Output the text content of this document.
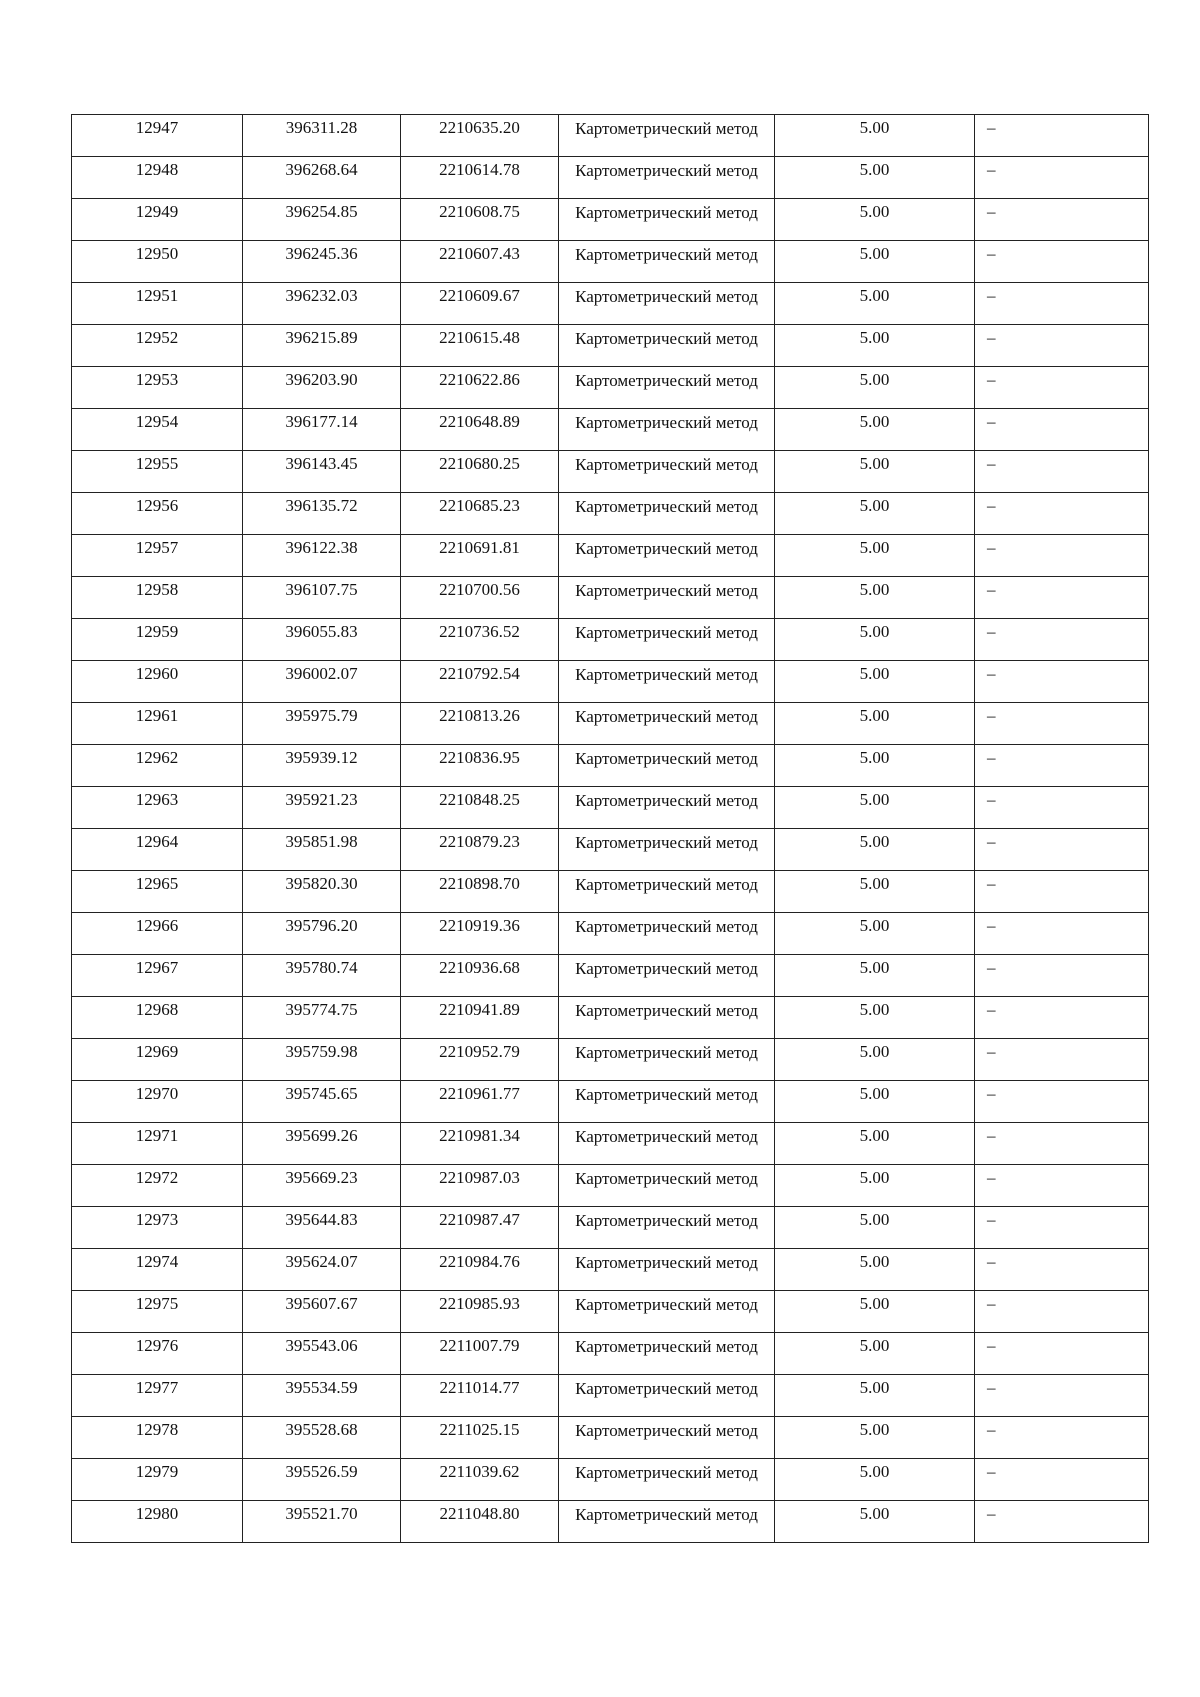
12947	396311.28	2210635.20	Картометрический метод	5.00	–

12948	396268.64	2210614.78	Картометрический метод	5.00	–

12949	396254.85	2210608.75	Картометрический метод	5.00	–

12950	396245.36	2210607.43	Картометрический метод	5.00	–

12951	396232.03	2210609.67	Картометрический метод	5.00	–

12952	396215.89	2210615.48	Картометрический метод	5.00	–

12953	396203.90	2210622.86	Картометрический метод	5.00	–

12954	396177.14	2210648.89	Картометрический метод	5.00	–

12955	396143.45	2210680.25	Картометрический метод	5.00	–

12956	396135.72	2210685.23	Картометрический метод	5.00	–

12957	396122.38	2210691.81	Картометрический метод	5.00	–

12958	396107.75	2210700.56	Картометрический метод	5.00	–

12959	396055.83	2210736.52	Картометрический метод	5.00	–

12960	396002.07	2210792.54	Картометрический метод	5.00	–

12961	395975.79	2210813.26	Картометрический метод	5.00	–

12962	395939.12	2210836.95	Картометрический метод	5.00	–

12963	395921.23	2210848.25	Картометрический метод	5.00	–

12964	395851.98	2210879.23	Картометрический метод	5.00	–

12965	395820.30	2210898.70	Картометрический метод	5.00	–

12966	395796.20	2210919.36	Картометрический метод	5.00	–

12967	395780.74	2210936.68	Картометрический метод	5.00	–

12968	395774.75	2210941.89	Картометрический метод	5.00	–

12969	395759.98	2210952.79	Картометрический метод	5.00	–

12970	395745.65	2210961.77	Картометрический метод	5.00	–

12971	395699.26	2210981.34	Картометрический метод	5.00	–

12972	395669.23	2210987.03	Картометрический метод	5.00	–

12973	395644.83	2210987.47	Картометрический метод	5.00	–

12974	395624.07	2210984.76	Картометрический метод	5.00	–

12975	395607.67	2210985.93	Картометрический метод	5.00	–

12976	395543.06	2211007.79	Картометрический метод	5.00	–

12977	395534.59	2211014.77	Картометрический метод	5.00	–

12978	395528.68	2211025.15	Картометрический метод	5.00	–

12979	395526.59	2211039.62	Картометрический метод	5.00	–

12980	395521.70	2211048.80	Картометрический метод	5.00	–
